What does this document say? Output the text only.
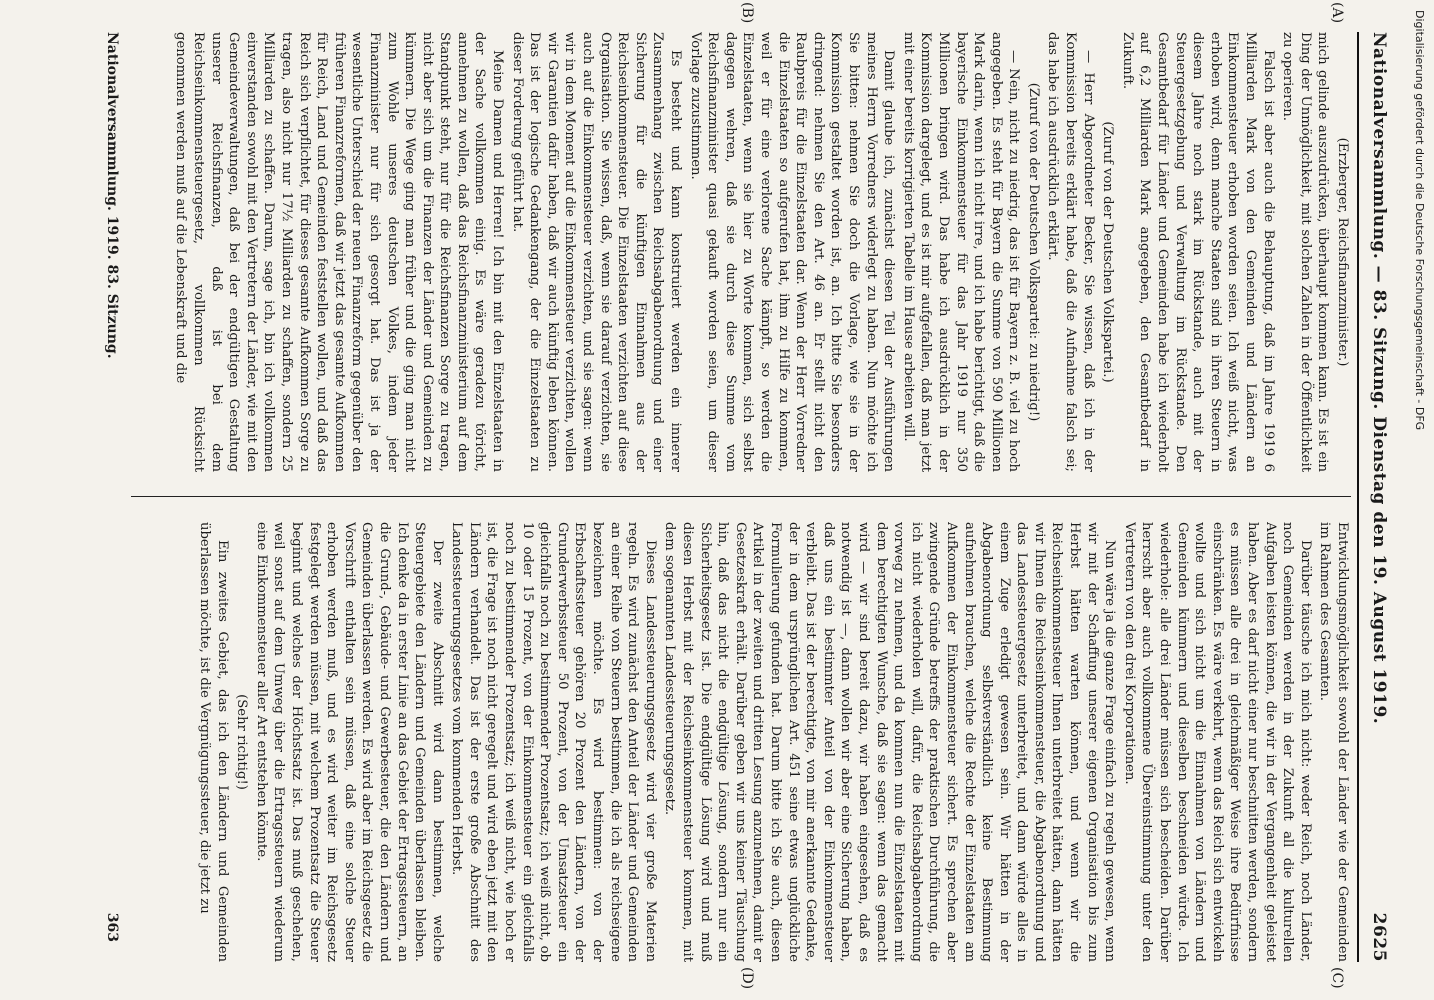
Nationalversammlung. — 83. Sitzung. Dienstag den 19. August 1919.
2625
(A)
(B)
(C)
(D)

(Erzberger, Reichsfinanzminister.)

mich gelinde auszudrücken, überhaupt kommen kann. Es ist ein Ding der Unmöglichkeit, mit solchen Zahlen in der Öffentlichkeit zu operieren.

Falsch ist aber auch die Behauptung, daß im Jahre 1919 6 Milliarden Mark von den Gemeinden und Ländern an Einkommensteuer erhoben worden seien. Ich weiß nicht, was erhoben wird, denn manche Staaten sind in ihren Steuern in diesem Jahre noch stark im Rückstande, auch mit der Steuergesetzgebung und Verwaltung im Rückstande. Den Gesamtbedarf für Länder und Gemeinden habe ich wiederholt auf 6,2 Milliarden Mark angegeben, den Gesamtbedarf in Zukunft.

(Zuruf von der Deutschen Volkspartei.)

— Herr Abgeordneter Becker, Sie wissen, daß ich in der Kommission bereits erklärt habe, daß die Aufnahme falsch sei; das habe ich ausdrücklich erklärt.

(Zuruf von der Deutschen Volkspartei: zu niedrig!)

— Nein, nicht zu niedrig, das ist für Bayern z. B. viel zu hoch angegeben. Es steht für Bayern die Summe von 590 Millionen Mark darin, wenn ich nicht irre, und ich habe berichtigt, daß die bayerische Einkommensteuer für das Jahr 1919 nur 350 Millionen bringen wird. Das habe ich ausdrücklich in der Kommission dargelegt, und es ist mir aufgefallen, daß man jetzt mit einer bereits korrigierten Tabelle im Hause arbeiten will.

Damit glaube ich, zunächst diesen Teil der Ausführungen meines Herrn Vorredners widerlegt zu haben. Nun möchte ich Sie bitten: nehmen Sie doch die Vorlage, wie sie in der Kommission gestaltet worden ist, an. Ich bitte Sie besonders dringend: nehmen Sie den Art. 46 an. Er stellt nicht den Raubpreis für die Einzelstaaten dar. Wenn der Herr Vorredner die Einzelstaaten so aufgerufen hat, ihm zu Hilfe zu kommen, weil er für eine verlorene Sache kämpft, so werden die Einzelstaaten, wenn sie hier zu Worte kommen, sich selbst dagegen wehren, daß sie durch diese Summe vom Reichsfinanzminister quasi gekauft worden seien, um dieser Vorlage zuzustimmen.

Es besteht und kann konstruiert werden ein innerer Zusammenhang zwischen Reichsabgabenordnung und einer Sicherung für die künftigen Einnahmen aus der Reichseinkommensteuer. Die Einzelstaaten verzichten auf diese Organisation. Sie wissen, daß, wenn sie darauf verzichten, sie auch auf die Einkommensteuer verzichten, und sie sagen: wenn wir in dem Moment auf die Einkommensteuer verzichten, wollen wir Garantien dafür haben, daß wir auch künftig leben können. Das ist der logische Gedankengang, der die Einzelstaaten zu dieser Forderung geführt hat.

Meine Damen und Herren! Ich bin mit den Einzelstaaten in der Sache vollkommen einig. Es wäre geradezu töricht, annehmen zu wollen, daß das Reichsfinanzministerium auf dem Standpunkt steht, nur für die Reichsfinanzen Sorge zu tragen, nicht aber sich um die Finanzen der Länder und Gemeinden zu kümmern. Die Wege ging man früher und die ging man nicht zum Wohle unseres deutschen Volkes, indem jeder Finanzminister nur für sich gesorgt hat. Das ist ja der wesentliche Unterschied der neuen Finanzreform gegenüber den früheren Finanzreformen, daß wir jetzt das gesamte Aufkommen für Reich, Land und Gemeinden feststellen wollen, und daß das Reich sich verpflichtet, für dieses gesamte Aufkommen Sorge zu tragen, also nicht nur 17½ Milliarden zu schaffen, sondern 25 Milliarden zu schaffen. Darum, sage ich, bin ich vollkommen einverstanden sowohl mit den Vertretern der Länder, wie mit den Gemeindeverwaltungen, daß bei der endgültigen Gestaltung unserer Reichsfinanzen, daß ist bei dem Reichseinkommensteuergesetz, vollkommen Rücksicht genommen werden muß auf die Lebenskraft und die

Entwicklungsmöglichkeit sowohl der Länder wie der Gemeinden im Rahmen des Gesamten.

Darüber täusche ich mich nicht: weder Reich, noch Länder, noch Gemeinden werden in der Zukunft all die kulturellen Aufgaben leisten können, die wir in der Vergangenheit geleistet haben. Aber es darf nicht einer nur beschnitten werden, sondern es müssen alle drei in gleichmäßiger Weise ihre Bedürfnisse einschränken. Es wäre verkehrt, wenn das Reich sich entwickeln wollte und sich nicht um die Einnahmen von Ländern und Gemeinden kümmern und dieselben beschneiden würde. Ich wiederhole: alle drei Länder müssen sich bescheiden. Darüber herrscht aber auch vollkommene Übereinstimmung unter den Vertretern von den drei Korporationen.

Nun wäre ja die ganze Frage einfach zu regeln gewesen, wenn wir mit der Schaffung unserer eigenen Organisation bis zum Herbst hätten warten können, und wenn wir die Reichseinkommensteuer Ihnen unterbreitet hätten, dann hätten wir Ihnen die Reichseinkommensteuer, die Abgabenordnung und das Landessteuergesetz unterbreitet, und dann würde alles in einem Zuge erledigt gewesen sein. Wir hätten in der Abgabenordnung selbstverständlich keine Bestimmung aufnehmen brauchen, welche die Rechte der Einzelstaaten am Aufkommen der Einkommensteuer sichert. Es sprechen aber zwingende Gründe betreffs der praktischen Durchführung, die ich nicht wiederholen will, dafür, die Reichsabgabenordnung vorweg zu nehmen, und da kommen nun die Einzelstaaten mit dem berechtigten Wunsche, daß sie sagen: wenn das gemacht wird — wir sind bereit dazu, wir haben eingesehen, daß es notwendig ist —, dann wollen wir aber eine Sicherung haben, daß uns ein bestimmter Anteil von der Einkommensteuer verbleibt. Das ist der berechtigte, von mir anerkannte Gedanke, der in dem ursprünglichen Art. 451 seine etwas unglückliche Formulierung gefunden hat. Darum bitte ich Sie auch, diesen Artikel in der zweiten und dritten Lesung anzunehmen, damit er Gesetzeskraft erhält. Darüber geben wir uns keiner Täuschung hin, daß das nicht die endgültige Lösung, sondern nur ein Sicherheitsgesetz ist. Die endgültige Lösung wird und muß diesen Herbst mit der Reichseinkommensteuer kommen, mit dem sogenannten Landessteuerungsgesetz.

Dieses Landessteuerungsgesetz wird vier große Materien regeln. Es wird zunächst den Anteil der Länder und Gemeinden an einer Reihe von Steuern bestimmen, die ich als reichseigene bezeichnen möchte. Es wird bestimmen: von der Erbschaftssteuer gehören 20 Prozent den Ländern, von der Grunderwerbssteuer 50 Prozent, von der Umsatzsteuer ein gleichfalls noch zu bestimmender Prozentsatz; ich weiß nicht, ob 10 oder 15 Prozent, von der Einkommensteuer ein gleichfalls noch zu bestimmender Prozentsatz; ich weiß nicht, wie hoch er ist, die Frage ist noch nicht geregelt und wird eben jetzt mit den Ländern verhandelt. Das ist der erste große Abschnitt des Landessteuerungsgesetzes vom kommenden Herbst.

Der zweite Abschnitt wird dann bestimmen, welche Steuergebiete den Ländern und Gemeinden überlassen bleiben. Ich denke da in erster Linie an das Gebiet der Ertragssteuern, an die Grund-, Gebäude- und Gewerbesteuer, die den Ländern und Gemeinden überlassen werden. Es wird aber im Reichsgesetz die Vorschrift enthalten sein müssen, daß eine solche Steuer erhoben werden muß, und es wird weiter im Reichsgesetz festgelegt werden müssen, mit welchem Prozentsatz die Steuer beginnt und welches der Höchstsatz ist. Das muß geschehen, weil sonst auf dem Umweg über die Ertragssteuern wiederum eine Einkommensteuer aller Art entstehen könnte.

(Sehr richtig!)

Ein zweites Gebiet, das ich den Ländern und Gemeinden überlassen möchte, ist die Vergnügungssteuer, die jetzt zu

Nationalversammlung. 1919. 83. Sitzung.
363
Digitalisierung gefördert durch die Deutsche Forschungsgemeinschaft - DFG
